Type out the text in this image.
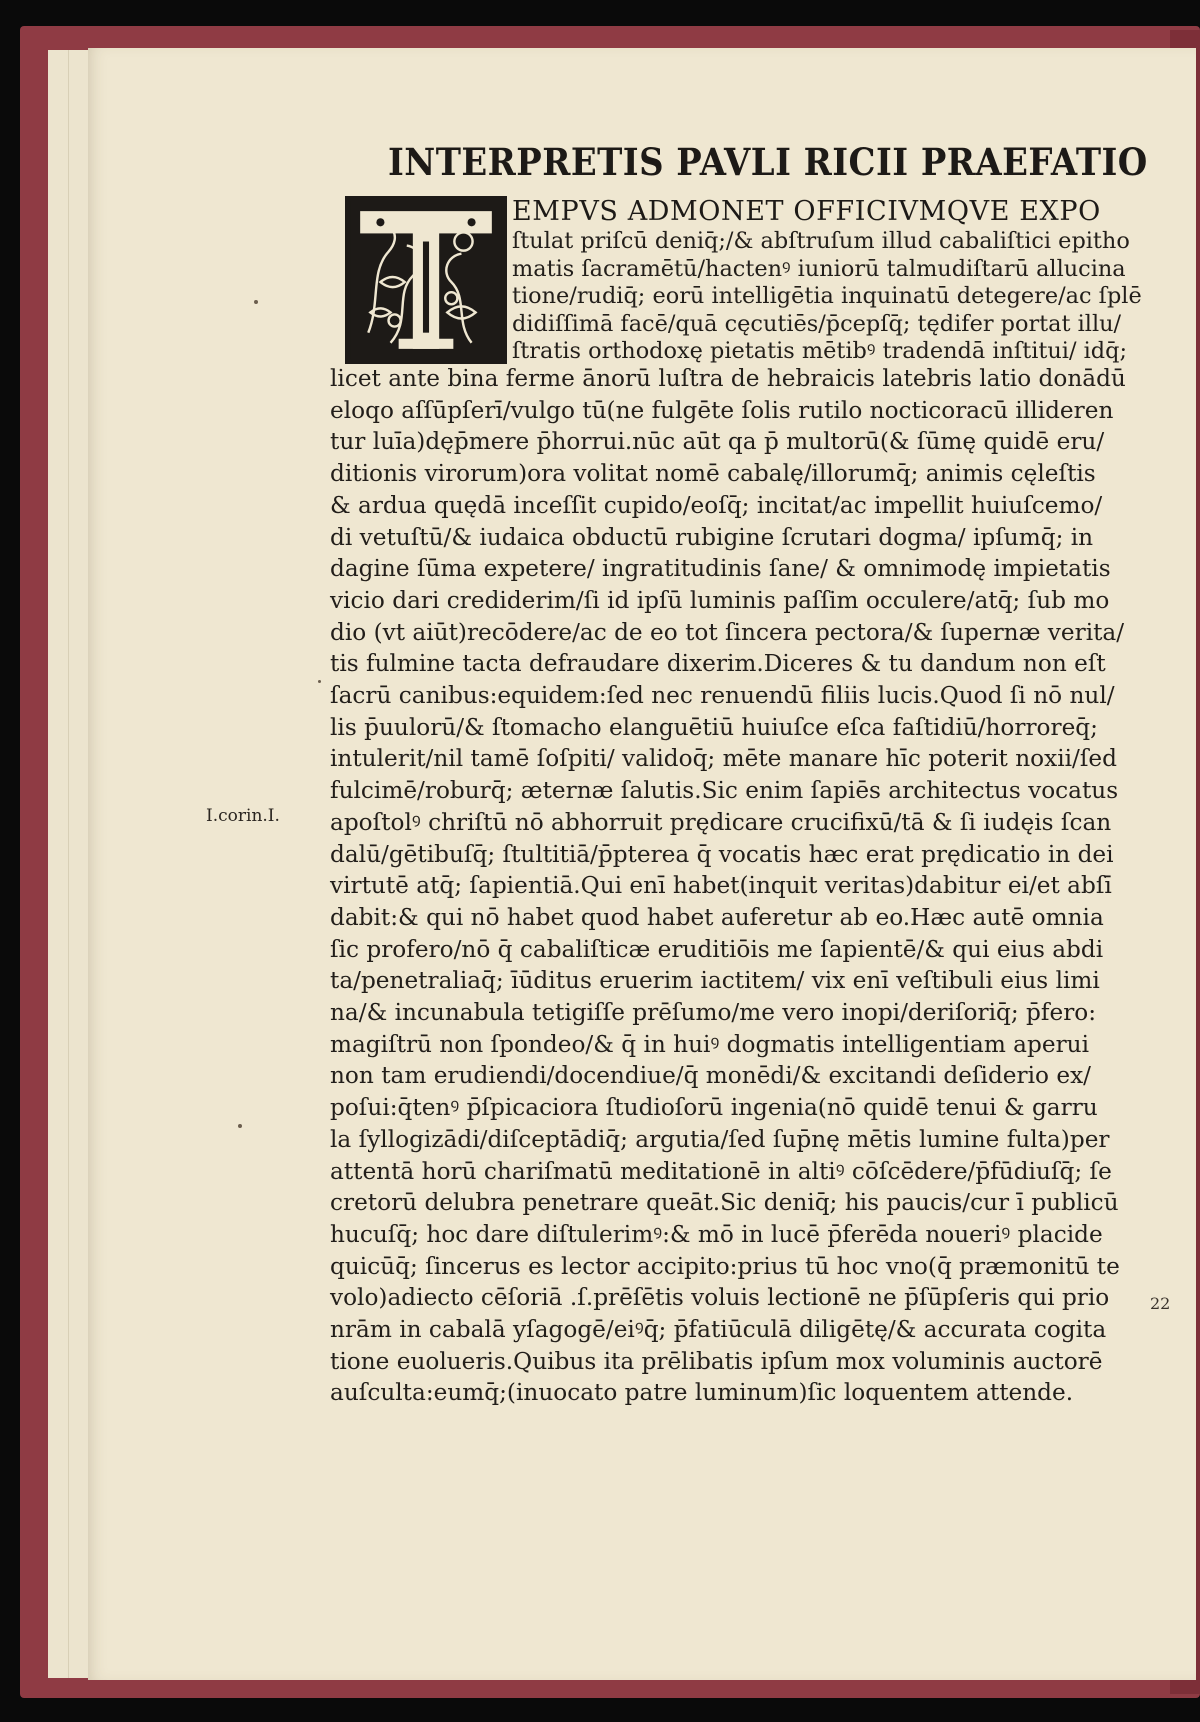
INTERPRETIS PAVLI RICII PRAEFATIO
EMPVS ADMONET OFFICIVMQVE EXPO
ſtulat priſcū deniq̄;/& abſtruſum illud cabaliſtici epitho
matis ſacramētū/hactenꝰ iuniorū talmudiſtarū allucina
tione/rudiq̄; eorū intelligētia inquinatū detegere/ac ſplē
didiſſimā facē/quā cęcutiēs/p̄cepſq̄; tędifer portat illu/
ſtratis orthodoxę pietatis mētibꝰ tradendā inſtitui/ idq̄;
licet ante bina ferme ānorū luſtra de hebraicis latebris latio donādū
eloqo aſſūpſerī/vulgo tū(ne fulgēte ſolis rutilo nocticoracū illideren
tur luīa)dęp̄mere p̄horrui.nūc aūt qa p̄ multorū(& ſūmę quidē eru/
ditionis virorum)ora volitat nomē cabalę/illorumq̄; animis cęleſtis
& ardua quędā inceſſit cupido/eoſq̄; incitat/ac impellit huiuſcemo/
di vetuſtū/& iudaica obductū rubigine ſcrutari dogma/ ipſumq̄; in
dagine ſūma expetere/ ingratitudinis ſane/ & omnimodę impietatis
vicio dari crediderim/ſi id ipſū luminis paſſim occulere/atq̄; ſub mo
dio (vt aiūt)recōdere/ac de eo tot ſincera pectora/& ſupernæ verita/
tis fulmine tacta defraudare dixerim.Diceres & tu dandum non eſt
ſacrū canibus:equidem:ſed nec renuendū filiis lucis.Quod ſi nō nul/
lis p̄uulorū/& ſtomacho elanguētiū huiuſce eſca faſtidiū/horroreq̄;
intulerit/nil tamē ſoſpiti/ validoq̄; mēte manare hīc poterit noxii/ſed
fulcimē/roburq̄; æternæ ſalutis.Sic enim ſapiēs architectus vocatus
apoſtolꝰ chriſtū nō abhorruit prędicare crucifixū/tā & ſi iudęis ſcan
dalū/gētibuſq̄; ſtultitiā/p̄pterea q̄ vocatis hæc erat prędicatio in dei
virtutē atq̄; ſapientiā.Qui enī habet(inquit veritas)dabitur ei/et abſī
dabit:& qui nō habet quod habet auferetur ab eo.Hæc autē omnia
ſic profero/nō q̄ cabaliſticæ eruditiōis me ſapientē/& qui eius abdi
ta/penetraliaq̄; īūditus eruerim iactitem/ vix enī veſtibuli eius limi
na/& incunabula tetigiſſe prēſumo/me vero inopi/deriſoriq̄; p̄fero:
magiſtrū non ſpondeo/& q̄ in huiꝰ dogmatis intelligentiam aperui
non tam erudiendi/docendiue/q̄ monēdi/& excitandi deſiderio ex/
poſui:q̄tenꝰ p̄ſpicaciora ſtudioſorū ingenia(nō quidē tenui & garru
la ſyllogizādi/diſceptādiq̄; argutia/ſed ſup̄nę mētis lumine fulta)per
attentā horū chariſmatū meditationē in altiꝰ cōſcēdere/p̄fūdiuſq̄; ſe
cretorū delubra penetrare queāt.Sic deniq̄; his paucis/cur ī publicū
hucuſq̄; hoc dare diſtulerimꝰ:& mō in lucē p̄ferēda noueriꝰ placide
quicūq̄; ſincerus es lector accipito:prius tū hoc vno(q̄ præmonitū te
volo)adiecto cēſoriā .ſ.prēſētis voluis lectionē ne p̄ſūpſeris qui prio
nrām in cabalā yſagogē/eiꝰq̄; p̄fatiūculā diligētę/& accurata cogita
tione euolueris.Quibus ita prēlibatis ipſum mox voluminis auctorē
auſculta:eumq̄;(inuocato patre luminum)ſic loquentem attende.
I.corin.I.
22
